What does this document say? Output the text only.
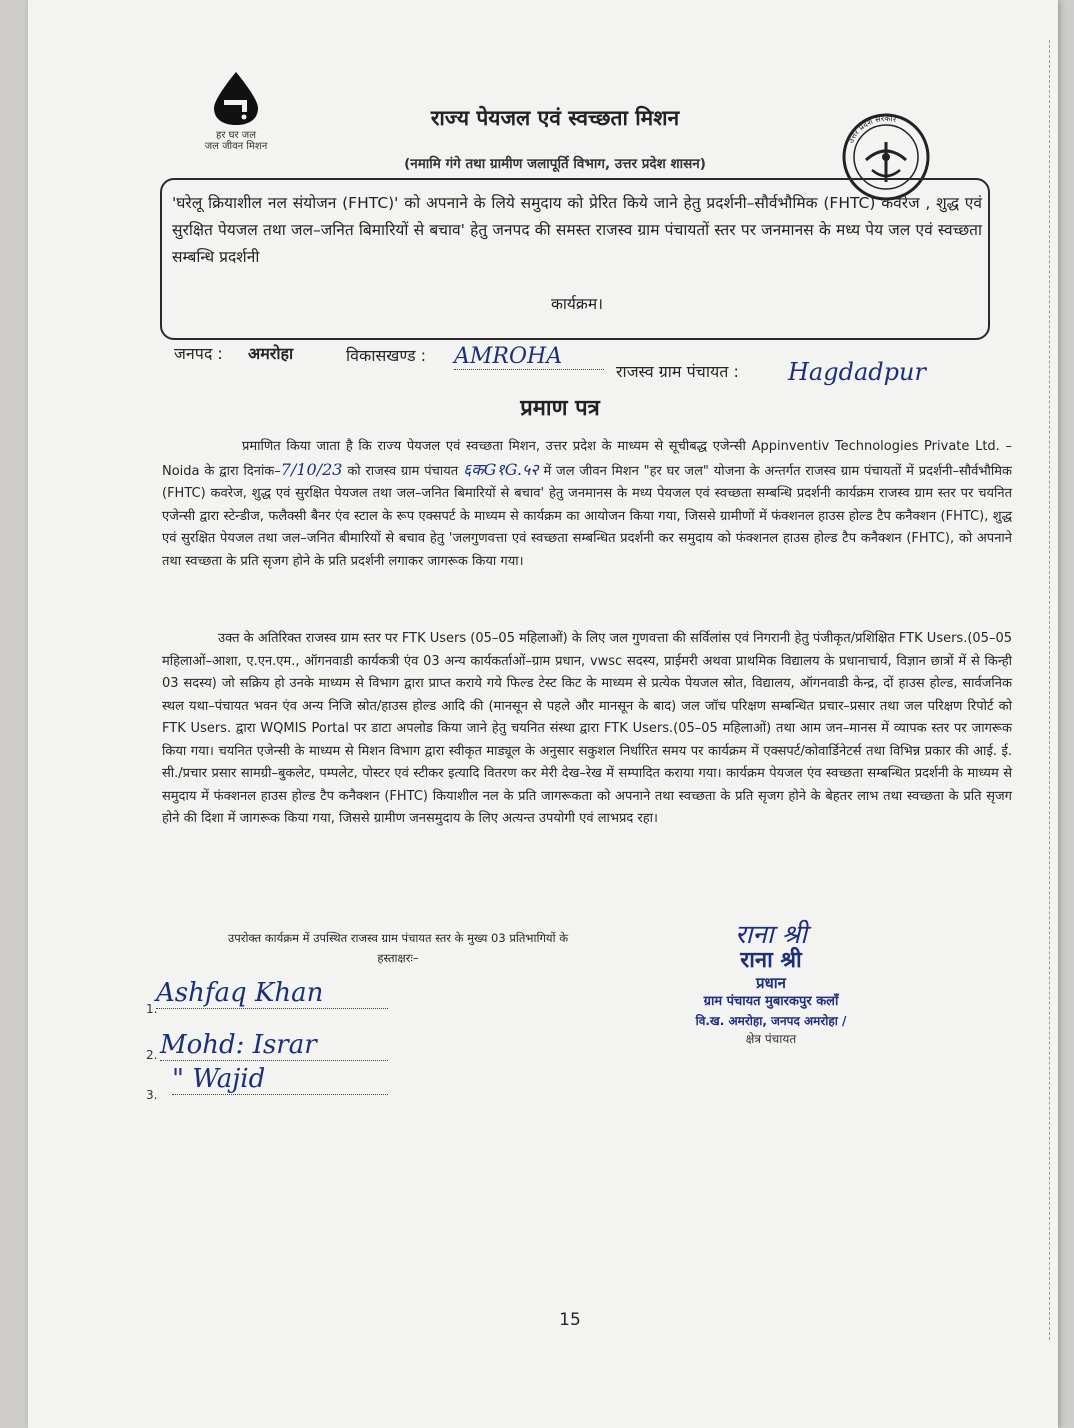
हर घर जल
जल जीवन मिशन
राज्य पेयजल एवं स्वच्छता मिशन
(नमामि गंगे तथा ग्रामीण जलापूर्ति विभाग, उत्तर प्रदेश शासन)
उत्तर प्रदेश सरकार
'घरेलू क्रियाशील नल संयोजन (FHTC)' को अपनाने के लिये समुदाय को प्रेरित किये जाने हेतु प्रदर्शनी–सौर्वभौमिक (FHTC) कवरेज , शुद्ध एवं सुरक्षित पेयजल तथा जल–जनित बिमारियों से बचाव' हेतु जनपद की समस्त राजस्व ग्राम पंचायतों स्तर पर जनमानस के मध्य पेय जल एवं स्वच्छता सम्बन्धि प्रदर्शनी
कार्यक्रम।
जनपद : अमरोहा	विकासखण्ड : AMROHA
राजस्व ग्राम पंचायत : Hagdadpur
प्रमाण पत्र
प्रमाणित किया जाता है कि राज्य पेयजल एवं स्वच्छता मिशन, उत्तर प्रदेश के माध्यम से सूचीबद्ध एजेन्सी Appinventiv Technologies Private Ltd. – Noida के द्वारा दिनांक–7/10/23 को राजस्व ग्राम पंचायत ६कG१G.५२ में जल जीवन मिशन "हर घर जल" योजना के अन्तर्गत राजस्व ग्राम पंचायतों में प्रदर्शनी–सौर्वभौमिक (FHTC) कवरेज, शुद्ध एवं सुरक्षित पेयजल तथा जल–जनित बिमारियों से बचाव' हेतु जनमानस के मध्य पेयजल एवं स्वच्छता सम्बन्धि प्रदर्शनी कार्यक्रम राजस्व ग्राम स्तर पर चयनित एजेन्सी द्वारा स्टेन्डीज, फलैक्सी बैनर एंव स्टाल के रूप एक्सपर्ट के माध्यम से कार्यक्रम का आयोजन किया गया, जिससे ग्रामीणों में फंक्शनल हाउस होल्ड टैप कनैक्शन (FHTC), शुद्ध एवं सुरक्षित पेयजल तथा जल–जनित बीमारियों से बचाव हेतु 'जलगुणवत्ता एवं स्वच्छता सम्बन्धित प्रदर्शनी कर समुदाय को फंक्शनल हाउस होल्ड टैप कनैक्शन (FHTC), को अपनाने तथा स्वच्छता के प्रति सृजग होने के प्रति प्रदर्शनी लगाकर जागरूक किया गया।
उक्त के अतिरिक्त राजस्व ग्राम स्तर पर FTK Users (05–05 महिलाओं) के लिए जल गुणवत्ता की सर्विलांस एवं निगरानी हेतु पंजीकृत/प्रशिक्षित FTK Users.(05–05 महिलाओं–आशा, ए.एन.एम., ऑगनवाडी कार्यकत्री एंव 03 अन्य कार्यकर्ताओं–ग्राम प्रधान, vwsc सदस्य, प्राईमरी अथवा प्राथमिक विद्यालय के प्रधानाचार्य, विज्ञान छात्रों में से किन्ही 03 सदस्य) जो सक्रिय हो उनके माध्यम से विभाग द्वारा प्राप्त कराये गये फिल्ड टेस्ट किट के माध्यम से प्रत्येक पेयजल स्रोत, विद्यालय, ऑगनवाडी केन्द्र, दों हाउस होल्ड, सार्वजनिक स्थल यथा–पंचायत भवन एंव अन्य निजि स्रोत/हाउस होल्ड आदि की (मानसून से पहले और मानसून के बाद) जल जॉच परिक्षण सम्बन्धित प्रचार–प्रसार तथा जल परिक्षण रिपोर्ट को FTK Users. द्वारा WQMIS Portal पर डाटा अपलोड किया जाने हेतु चयनित संस्था द्वारा FTK Users.(05–05 महिलाओं) तथा आम जन–मानस में व्यापक स्तर पर जागरूक किया गया। चयनित एजेन्सी के माध्यम से मिशन विभाग द्वारा स्वीकृत माड्यूल के अनुसार सकुशल निर्धारित समय पर कार्यक्रम में एक्सपर्ट/कोवार्डिनेटर्स तथा विभिन्न प्रकार की आई. ई. सी./प्रचार प्रसार सामग्री–बुकलेट, पम्पलेट, पोस्टर एवं स्टीकर इत्यादि वितरण कर मेरी देख–रेख में सम्पादित कराया गया। कार्यक्रम पेयजल एंव स्वच्छता सम्बन्धित प्रदर्शनी के माध्यम से समुदाय में फंक्शनल हाउस होल्ड टैप कनैक्शन (FHTC) कियाशील नल के प्रति जागरूकता को अपनाने तथा स्वच्छता के प्रति सृजग होने के बेहतर लाभ तथा स्वच्छता के प्रति सृजग होने की दिशा में जागरूक किया गया, जिससे ग्रामीण जनसमुदाय के लिए अत्यन्त उपयोगी एवं लाभप्रद रहा।
उपरोक्त कार्यक्रम में उपस्थित राजस्व ग्राम पंचायत स्तर के मुख्य 03 प्रतिभागियों के
हस्ताक्षरः–
1.
Ashfaq Khan
2. Mohd: Israr
3.
" Wajid
राना श्री
राना श्री
प्रधान
ग्राम पंचायत मुबारकपुर कलाँ
वि.ख. अमरोहा, जनपद अमरोहा /
क्षेत्र पंचायत
15
